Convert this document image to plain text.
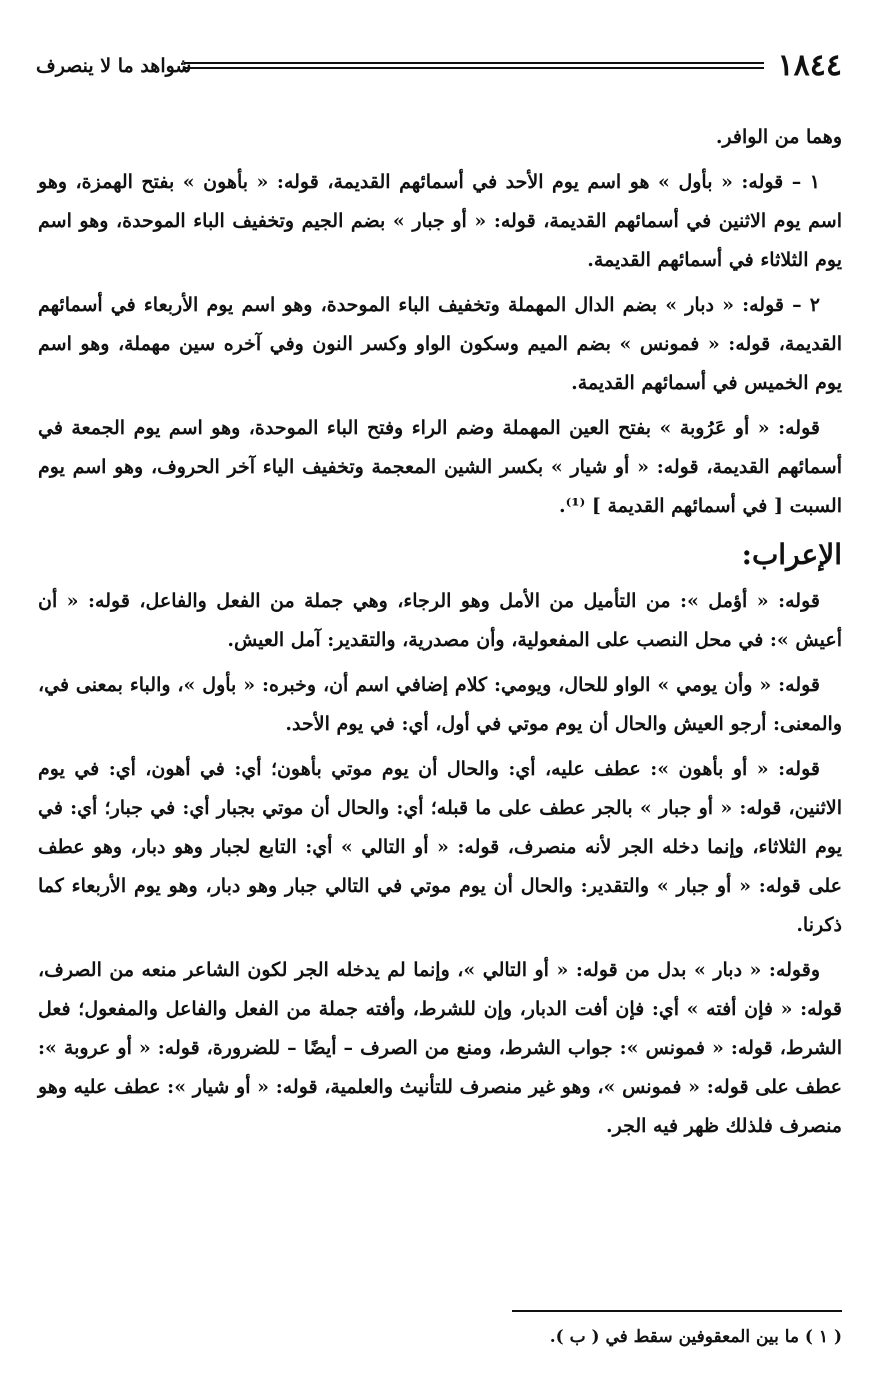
١٨٤٤
شواهد ما لا ينصرف

وهما من الوافر.

١ – قوله: « بأول » هو اسم يوم الأحد في أسمائهم القديمة، قوله: « بأهون » بفتح الهمزة، وهو اسم يوم الاثنين في أسمائهم القديمة، قوله: « أو جبار » بضم الجيم وتخفيف الباء الموحدة، وهو اسم يوم الثلاثاء في أسمائهم القديمة.

٢ – قوله: « دبار » بضم الدال المهملة وتخفيف الباء الموحدة، وهو اسم يوم الأربعاء في أسمائهم القديمة، قوله: « فمونس » بضم الميم وسكون الواو وكسر النون وفي آخره سين مهملة، وهو اسم يوم الخميس في أسمائهم القديمة.

قوله: « أو عَرُوبة » بفتح العين المهملة وضم الراء وفتح الباء الموحدة، وهو اسم يوم الجمعة في أسمائهم القديمة، قوله: « أو شيار » بكسر الشين المعجمة وتخفيف الياء آخر الحروف، وهو اسم يوم السبت [ في أسمائهم القديمة ] ⁽¹⁾.

الإعراب:

قوله: « أؤمل »: من التأميل من الأمل وهو الرجاء، وهي جملة من الفعل والفاعل، قوله: « أن أعيش »: في محل النصب على المفعولية، وأن مصدرية، والتقدير: آمل العيش.

قوله: « وأن يومي » الواو للحال، ويومي: كلام إضافي اسم أن، وخبره: « بأول »، والباء بمعنى في، والمعنى: أرجو العيش والحال أن يوم موتي في أول، أي: في يوم الأحد.

قوله: « أو بأهون »: عطف عليه، أي: والحال أن يوم موتي بأهون؛ أي: في أهون، أي: في يوم الاثنين، قوله: « أو جبار » بالجر عطف على ما قبله؛ أي: والحال أن موتي بجبار أي: في جبار؛ أي: في يوم الثلاثاء، وإنما دخله الجر لأنه منصرف، قوله: « أو التالي » أي: التابع لجبار وهو دبار، وهو عطف على قوله: « أو جبار » والتقدير: والحال أن يوم موتي في التالي جبار وهو دبار، وهو يوم الأربعاء كما ذكرنا.

وقوله: « دبار » بدل من قوله: « أو التالي »، وإنما لم يدخله الجر لكون الشاعر منعه من الصرف، قوله: « فإن أفته » أي: فإن أفت الدبار، وإن للشرط، وأفته جملة من الفعل والفاعل والمفعول؛ فعل الشرط، قوله: « فمونس »: جواب الشرط، ومنع من الصرف – أيضًا – للضرورة، قوله: « أو عروبة »: عطف على قوله: « فمونس »، وهو غير منصرف للتأنيث والعلمية، قوله: « أو شيار »: عطف عليه وهو منصرف فلذلك ظهر فيه الجر.

( ١ ) ما بين المعقوفين سقط في ( ب ).
